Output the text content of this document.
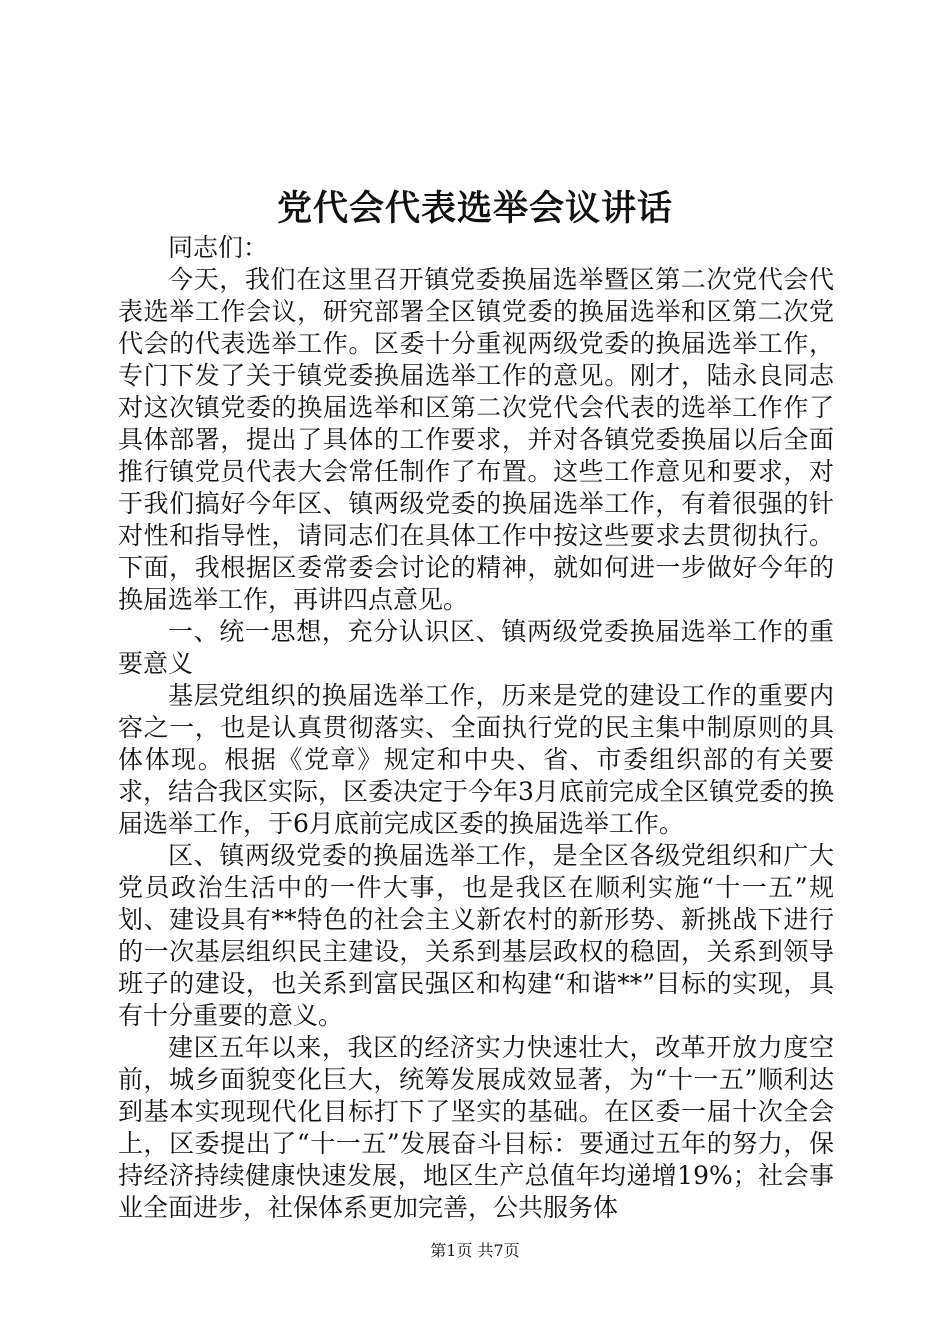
党代会代表选举会议讲话

同志们：

今天，我们在这里召开镇党委换届选举暨区第二次党代会代表选举工作会议，研究部署全区镇党委的换届选举和区第二次党代会的代表选举工作。区委十分重视两级党委的换届选举工作，专门下发了关于镇党委换届选举工作的意见。刚才，陆永良同志对这次镇党委的换届选举和区第二次党代会代表的选举工作作了具体部署，提出了具体的工作要求，并对各镇党委换届以后全面推行镇党员代表大会常任制作了布置。这些工作意见和要求，对于我们搞好今年区、镇两级党委的换届选举工作，有着很强的针对性和指导性，请同志们在具体工作中按这些要求去贯彻执行。下面，我根据区委常委会讨论的精神，就如何进一步做好今年的换届选举工作，再讲四点意见。

一、统一思想，充分认识区、镇两级党委换届选举工作的重要意义

基层党组织的换届选举工作，历来是党的建设工作的重要内容之一，也是认真贯彻落实、全面执行党的民主集中制原则的具体体现。根据《党章》规定和中央、省、市委组织部的有关要求，结合我区实际，区委决定于今年3月底前完成全区镇党委的换届选举工作，于6月底前完成区委的换届选举工作。

区、镇两级党委的换届选举工作，是全区各级党组织和广大党员政治生活中的一件大事，也是我区在顺利实施“十一五”规划、建设具有**特色的社会主义新农村的新形势、新挑战下进行的一次基层组织民主建设，关系到基层政权的稳固，关系到领导班子的建设，也关系到富民强区和构建“和谐**”目标的实现，具有十分重要的意义。

建区五年以来，我区的经济实力快速壮大，改革开放力度空前，城乡面貌变化巨大，统筹发展成效显著，为“十一五”顺利达到基本实现现代化目标打下了坚实的基础。在区委一届十次全会上，区委提出了“十一五”发展奋斗目标：要通过五年的努力，保持经济持续健康快速发展，地区生产总值年均递增19%；社会事业全面进步，社保体系更加完善，公共服务体

第1页 共7页
